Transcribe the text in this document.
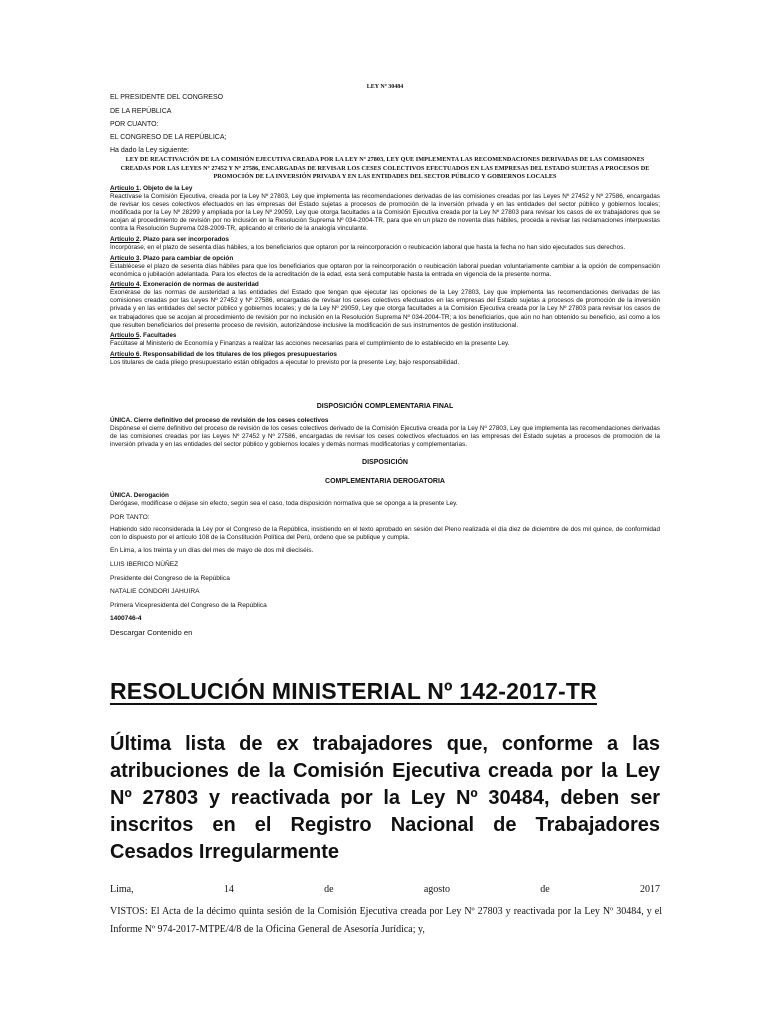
LEY Nº 30484
EL PRESIDENTE DEL CONGRESO
DE LA REPÚBLICA
POR CUANTO:
EL CONGRESO DE LA REPÚBLICA;
Ha dado la Ley siguiente:
LEY DE REACTIVACIÓN DE LA COMISIÓN EJECUTIVA CREADA POR LA LEY Nº 27803, LEY QUE IMPLEMENTA LAS RECOMENDACIONES DERIVADAS DE LAS COMISIONES CREADAS POR LAS LEYES Nº 27452 Y Nº 27586, ENCARGADAS DE REVISAR LOS CESES COLECTIVOS EFECTUADOS EN LAS EMPRESAS DEL ESTADO SUJETAS A PROCESOS DE PROMOCIÓN DE LA INVERSIÓN PRIVADA Y EN LAS ENTIDADES DEL SECTOR PÚBLICO Y GOBIERNOS LOCALES
Artículo 1. Objeto de la Ley
Reactívase la Comisión Ejecutiva, creada por la Ley Nº 27803, Ley que implementa las recomendaciones derivadas de las comisiones creadas por las Leyes Nº 27452 y Nº 27586, encargadas de revisar los ceses colectivos efectuados en las empresas del Estado sujetas a procesos de promoción de la inversión privada y en las entidades del sector público y gobiernos locales; modificada por la Ley Nº 28299 y ampliada por la Ley Nº 29059, Ley que otorga facultades a la Comisión Ejecutiva creada por la Ley Nº 27803 para revisar los casos de ex trabajadores que se acojan al procedimiento de revisión por no inclusión en la Resolución Suprema Nº 034-2004-TR, para que en un plazo de noventa días hábiles, proceda a revisar las reclamaciones interpuestas contra la Resolución Suprema 028-2009-TR, aplicando el criterio de la analogía vinculante.
Artículo 2. Plazo para ser incorporados
Incorpórase, en el plazo de sesenta días hábiles, a los beneficiarios que optaron por la reincorporación o reubicación laboral que hasta la fecha no han sido ejecutados sus derechos.
Artículo 3. Plazo para cambiar de opción
Establécese el plazo de sesenta días hábiles para que los beneficiarios que optaron por la reincorporación o reubicación laboral puedan voluntariamente cambiar a la opción de compensación económica o jubilación adelantada. Para los efectos de la acreditación de la edad, esta será computable hasta la entrada en vigencia de la presente norma.
Artículo 4. Exoneración de normas de austeridad
Exonérase de las normas de austeridad a las entidades del Estado que tengan que ejecutar las opciones de la Ley 27803, Ley que implementa las recomendaciones derivadas de las comisiones creadas por las Leyes Nº 27452 y Nº 27586, encargadas de revisar los ceses colectivos efectuados en las empresas del Estado sujetas a procesos de promoción de la inversión privada y en las entidades del sector público y gobiernos locales; y de la Ley Nº 29059, Ley que otorga facultades a la Comisión Ejecutiva creada por la Ley Nº 27803 para revisar los casos de ex trabajadores que se acojan al procedimiento de revisión por no inclusión en la Resolución Suprema Nº 034-2004-TR; a los beneficiarios, que aún no han obtenido su beneficio, así como a los que resulten beneficiarios del presente proceso de revisión, autorizándose inclusive la modificación de sus instrumentos de gestión institucional.
Artículo 5. Facultades
Facúltase al Ministerio de Economía y Finanzas a realizar las acciones necesarias para el cumplimiento de lo establecido en la presente Ley.
Artículo 6. Responsabilidad de los titulares de los pliegos presupuestarios
Los titulares de cada pliego presupuestario están obligados a ejecutar lo previsto por la presente Ley, bajo responsabilidad.
DISPOSICIÓN COMPLEMENTARIA FINAL
ÚNICA. Cierre definitivo del proceso de revisión de los ceses colectivos
Dispónese el cierre definitivo del proceso de revisión de los ceses colectivos derivado de la Comisión Ejecutiva creada por la Ley Nº 27803, Ley que implementa las recomendaciones derivadas de las comisiones creadas por las Leyes Nº 27452 y Nº 27586, encargadas de revisar los ceses colectivos efectuados en las empresas del Estado sujetas a procesos de promoción de la inversión privada y en las entidades del sector público y gobiernos locales y demás normas modificatorias y complementarias.
DISPOSICIÓN
COMPLEMENTARIA DEROGATORIA
ÚNICA. Derogación
Derógase, modifícase o déjase sin efecto, según sea el caso, toda disposición normativa que se oponga a la presente Ley.
POR TANTO:
Habiendo sido reconsiderada la Ley por el Congreso de la República, insistiendo en el texto aprobado en sesión del Pleno realizada el día diez de diciembre de dos mil quince, de conformidad con lo dispuesto por el artículo 108 de la Constitución Política del Perú, ordeno que se publique y cumpla.
En Lima, a los treinta y un días del mes de mayo de dos mil dieciséis.
LUIS IBERICO NÚÑEZ
Presidente del Congreso de la República
NATALIE CONDORI JAHUIRA
Primera Vicepresidenta del Congreso de la República
1400746-4
Descargar Contenido en
RESOLUCIÓN MINISTERIAL Nº 142-2017-TR
Última lista de ex trabajadores que, conforme a las atribuciones de la Comisión Ejecutiva creada por la Ley Nº 27803 y reactivada por la Ley Nº 30484, deben ser inscritos en el Registro Nacional de Trabajadores Cesados Irregularmente
Lima,	14	de	agosto	de	2017
VISTOS: El Acta de la décimo quinta sesión de la Comisión Ejecutiva creada por Ley Nº 27803 y reactivada por la Ley Nº 30484, y el Informe Nº 974-2017-MTPE/4/8 de la Oficina General de Asesoría Jurídica; y,
